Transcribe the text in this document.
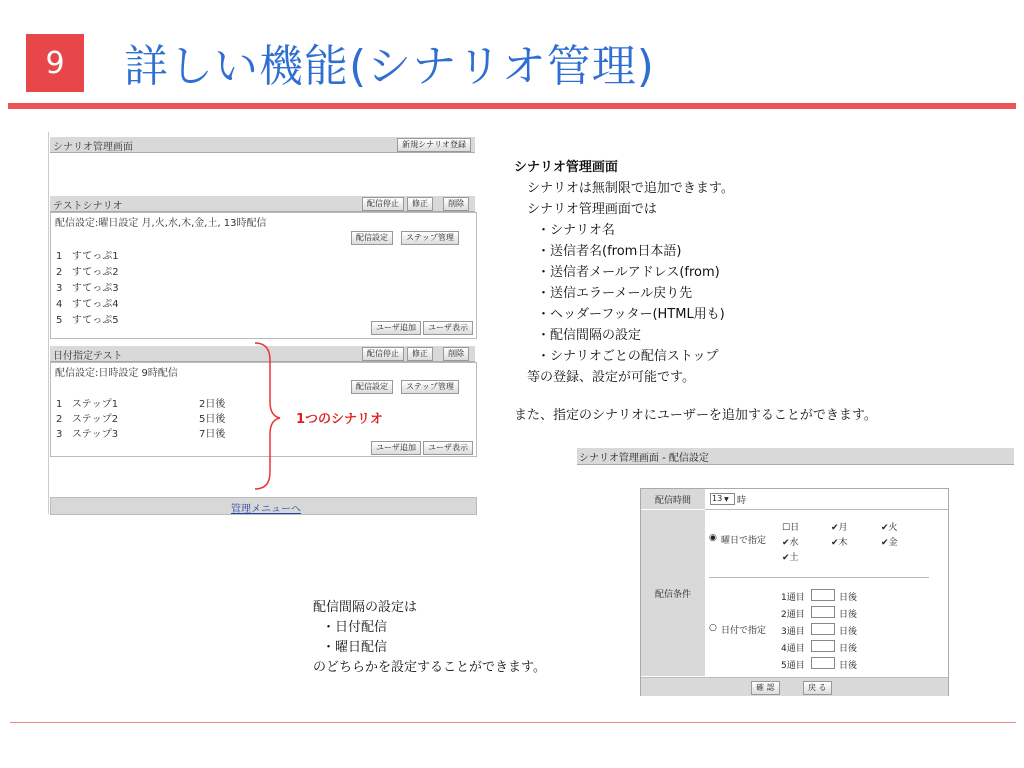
9 詳しい機能(シナリオ管理)
シナリオ管理画面	新規シナリオ登録
テストシナリオ	配信停止	修正	削除
配信設定:曜日設定 月,火,水,木,金,土, 13時配信
配信設定	ステップ管理
1 すてっぷ1
2 すてっぷ2
3 すてっぷ3
4 すてっぷ4
5 すてっぷ5
ユーザ追加	ユーザ表示
日付指定テスト	配信停止	修正	削除
配信設定:日時設定 9時配信
配信設定	ステップ管理
1 ステップ1	2日後
2 ステップ2	5日後
3 ステップ3	7日後
ユーザ追加	ユーザ表示
管理メニューへ
1つのシナリオ
シナリオ管理画面
シナリオは無制限で追加できます。
シナリオ管理画面では
・シナリオ名
・送信者名(from日本語)
・送信者メールアドレス(from)
・送信エラーメール戻り先
・ヘッダーフッター(HTML用も)
・配信間隔の設定
・シナリオごとの配信ストップ
等の登録、設定が可能です。
また、指定のシナリオにユーザーを追加することができます。
配信間隔の設定は
・日付配信
・曜日配信
のどちらかを設定することができます。
シナリオ管理画面 - 配信設定
配信時間	13 ▼ 時
配信条件
◉ 曜日で指定
☐日	✔月	✔火
✔水	✔木	✔金
✔土
○ 日付で指定
1通目	日後
2通目	日後
3通目	日後
4通目	日後
5通目	日後
確 認	戻 る
